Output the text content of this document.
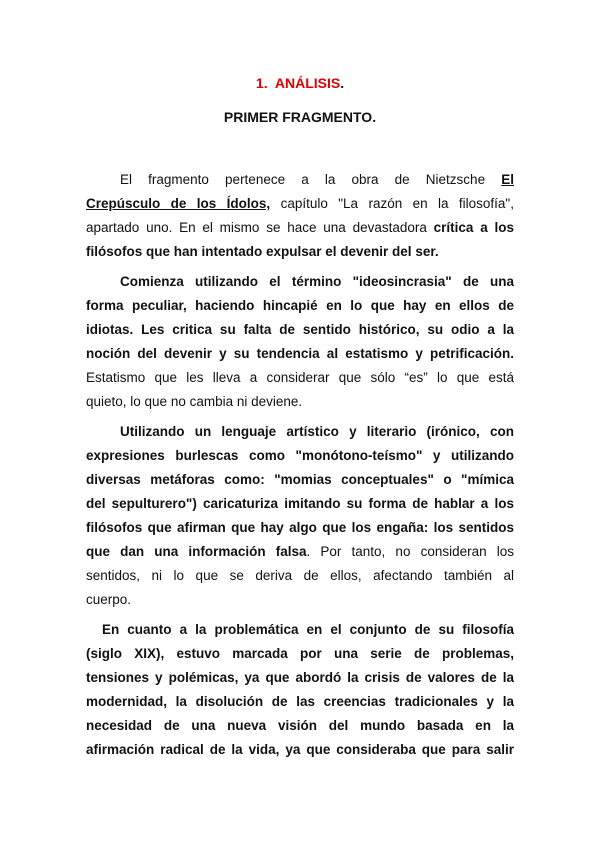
1. ANÁLISIS.
PRIMER FRAGMENTO.
El fragmento pertenece a la obra de Nietzsche El
Crepúsculo de los Ídolos, capítulo "La razón en la filosofía",
apartado uno. En el mismo se hace una devastadora crítica a los
filósofos que han intentado expulsar el devenir del ser.
Comienza utilizando el término "ideosincrasia" de una
forma peculiar, haciendo hincapié en lo que hay en ellos de
idiotas. Les critica su falta de sentido histórico, su odio a la
noción del devenir y su tendencia al estatismo y petrificación.
Estatismo que les lleva a considerar que sólo “es” lo que está
quieto, lo que no cambia ni deviene.
Utilizando un lenguaje artístico y literario (irónico, con
expresiones burlescas como "monótono-teísmo" y utilizando
diversas metáforas como: "momias conceptuales" o "mímica
del sepulturero") caricaturiza imitando su forma de hablar a los
filósofos que afirman que hay algo que los engaña: los sentidos
que dan una información falsa. Por tanto, no consideran los
sentidos, ni lo que se deriva de ellos, afectando también al
cuerpo.
En cuanto a la problemática en el conjunto de su filosofía
(siglo XIX), estuvo marcada por una serie de problemas,
tensiones y polémicas, ya que abordó la crisis de valores de la
modernidad, la disolución de las creencias tradicionales y la
necesidad de una nueva visión del mundo basada en la
afirmación radical de la vida, ya que consideraba que para salir
